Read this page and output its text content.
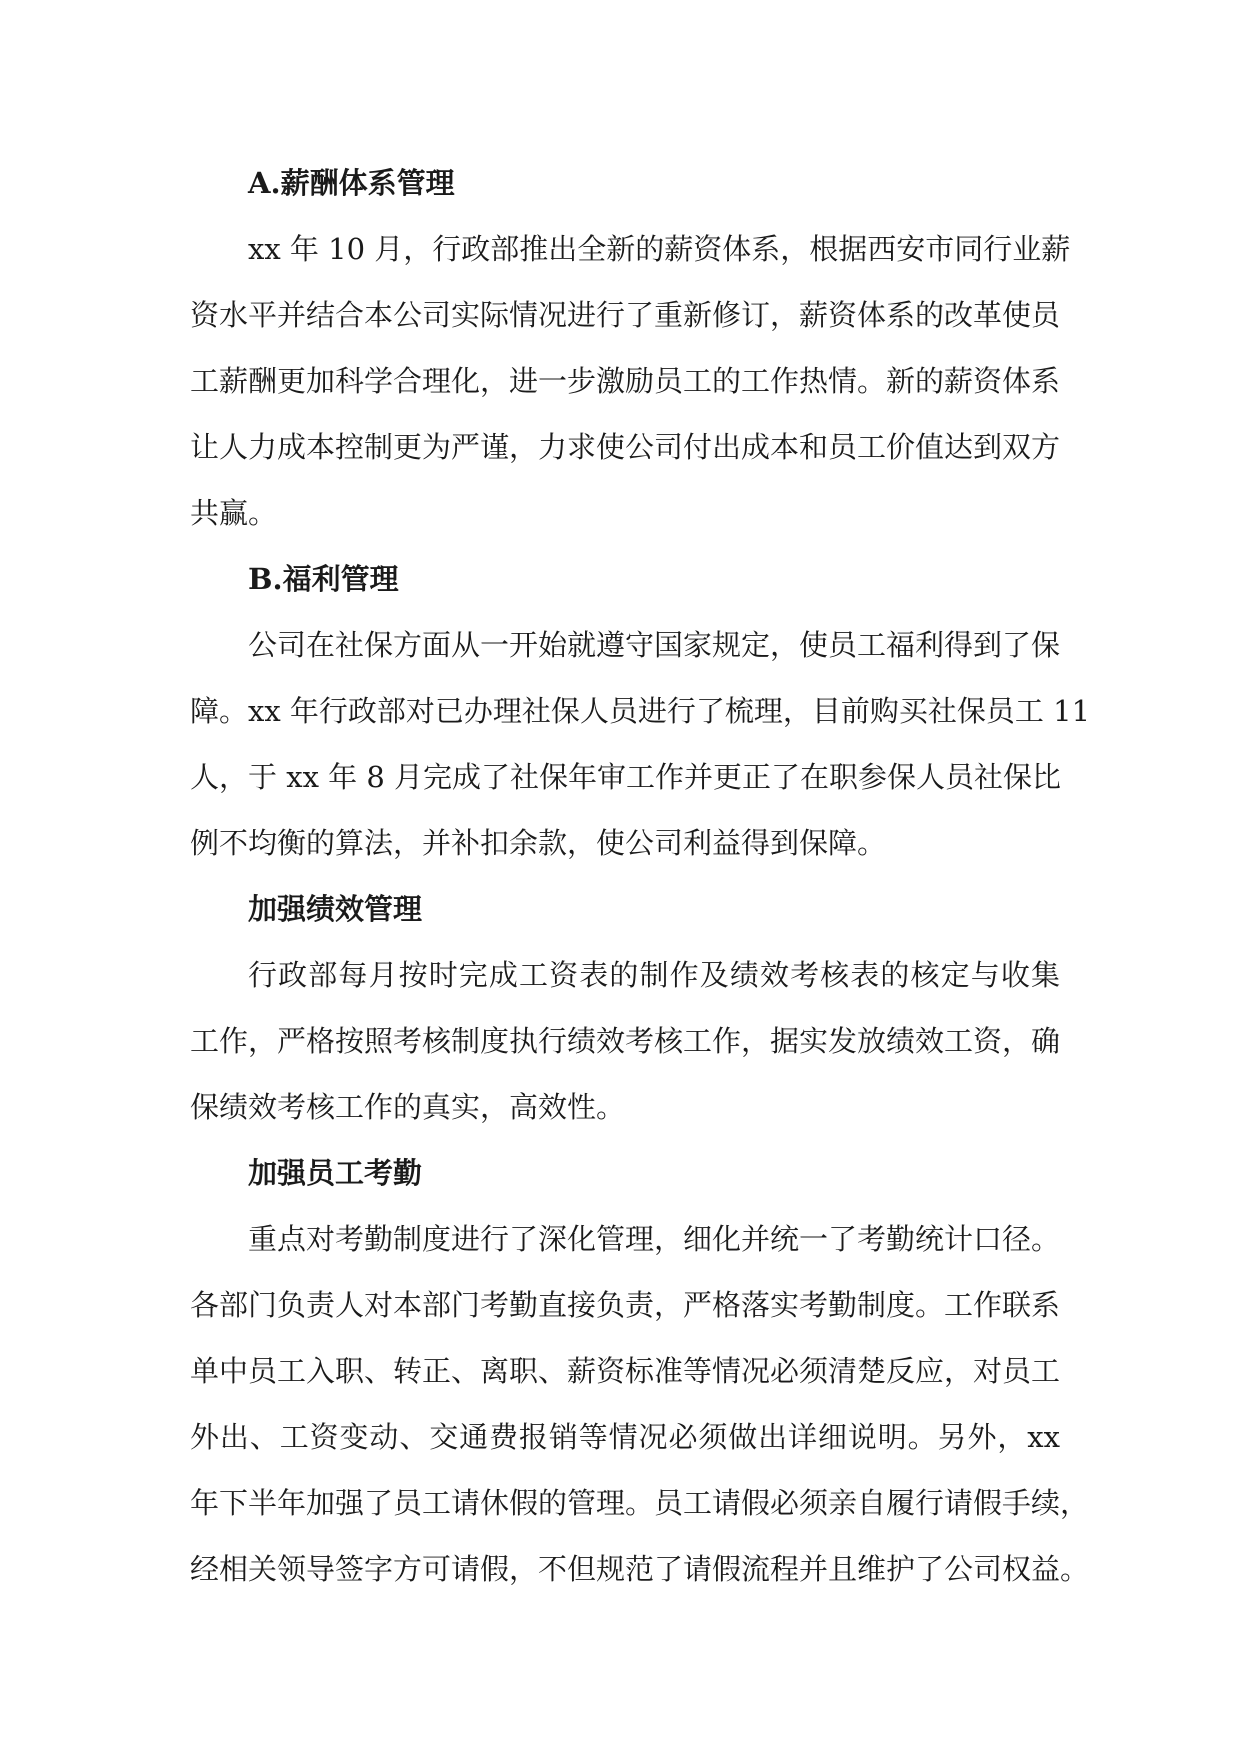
A.薪酬体系管理
xx 年 10 月，行政部推出全新的薪资体系，根据西安市同行业薪
资水平并结合本公司实际情况进行了重新修订，薪资体系的改革使员
工薪酬更加科学合理化，进一步激励员工的工作热情。新的薪资体系
让人力成本控制更为严谨，力求使公司付出成本和员工价值达到双方
共赢。
B.福利管理
公司在社保方面从一开始就遵守国家规定，使员工福利得到了保
障。xx 年行政部对已办理社保人员进行了梳理，目前购买社保员工 11
人，于 xx 年 8 月完成了社保年审工作并更正了在职参保人员社保比
例不均衡的算法，并补扣余款，使公司利益得到保障。
加强绩效管理
行政部每月按时完成工资表的制作及绩效考核表的核定与收集
工作，严格按照考核制度执行绩效考核工作，据实发放绩效工资，确
保绩效考核工作的真实，高效性。
加强员工考勤
重点对考勤制度进行了深化管理，细化并统一了考勤统计口径。
各部门负责人对本部门考勤直接负责，严格落实考勤制度。工作联系
单中员工入职、转正、离职、薪资标准等情况必须清楚反应，对员工
外出、工资变动、交通费报销等情况必须做出详细说明。另外，xx
年下半年加强了员工请休假的管理。员工请假必须亲自履行请假手续，
经相关领导签字方可请假，不但规范了请假流程并且维护了公司权益。
